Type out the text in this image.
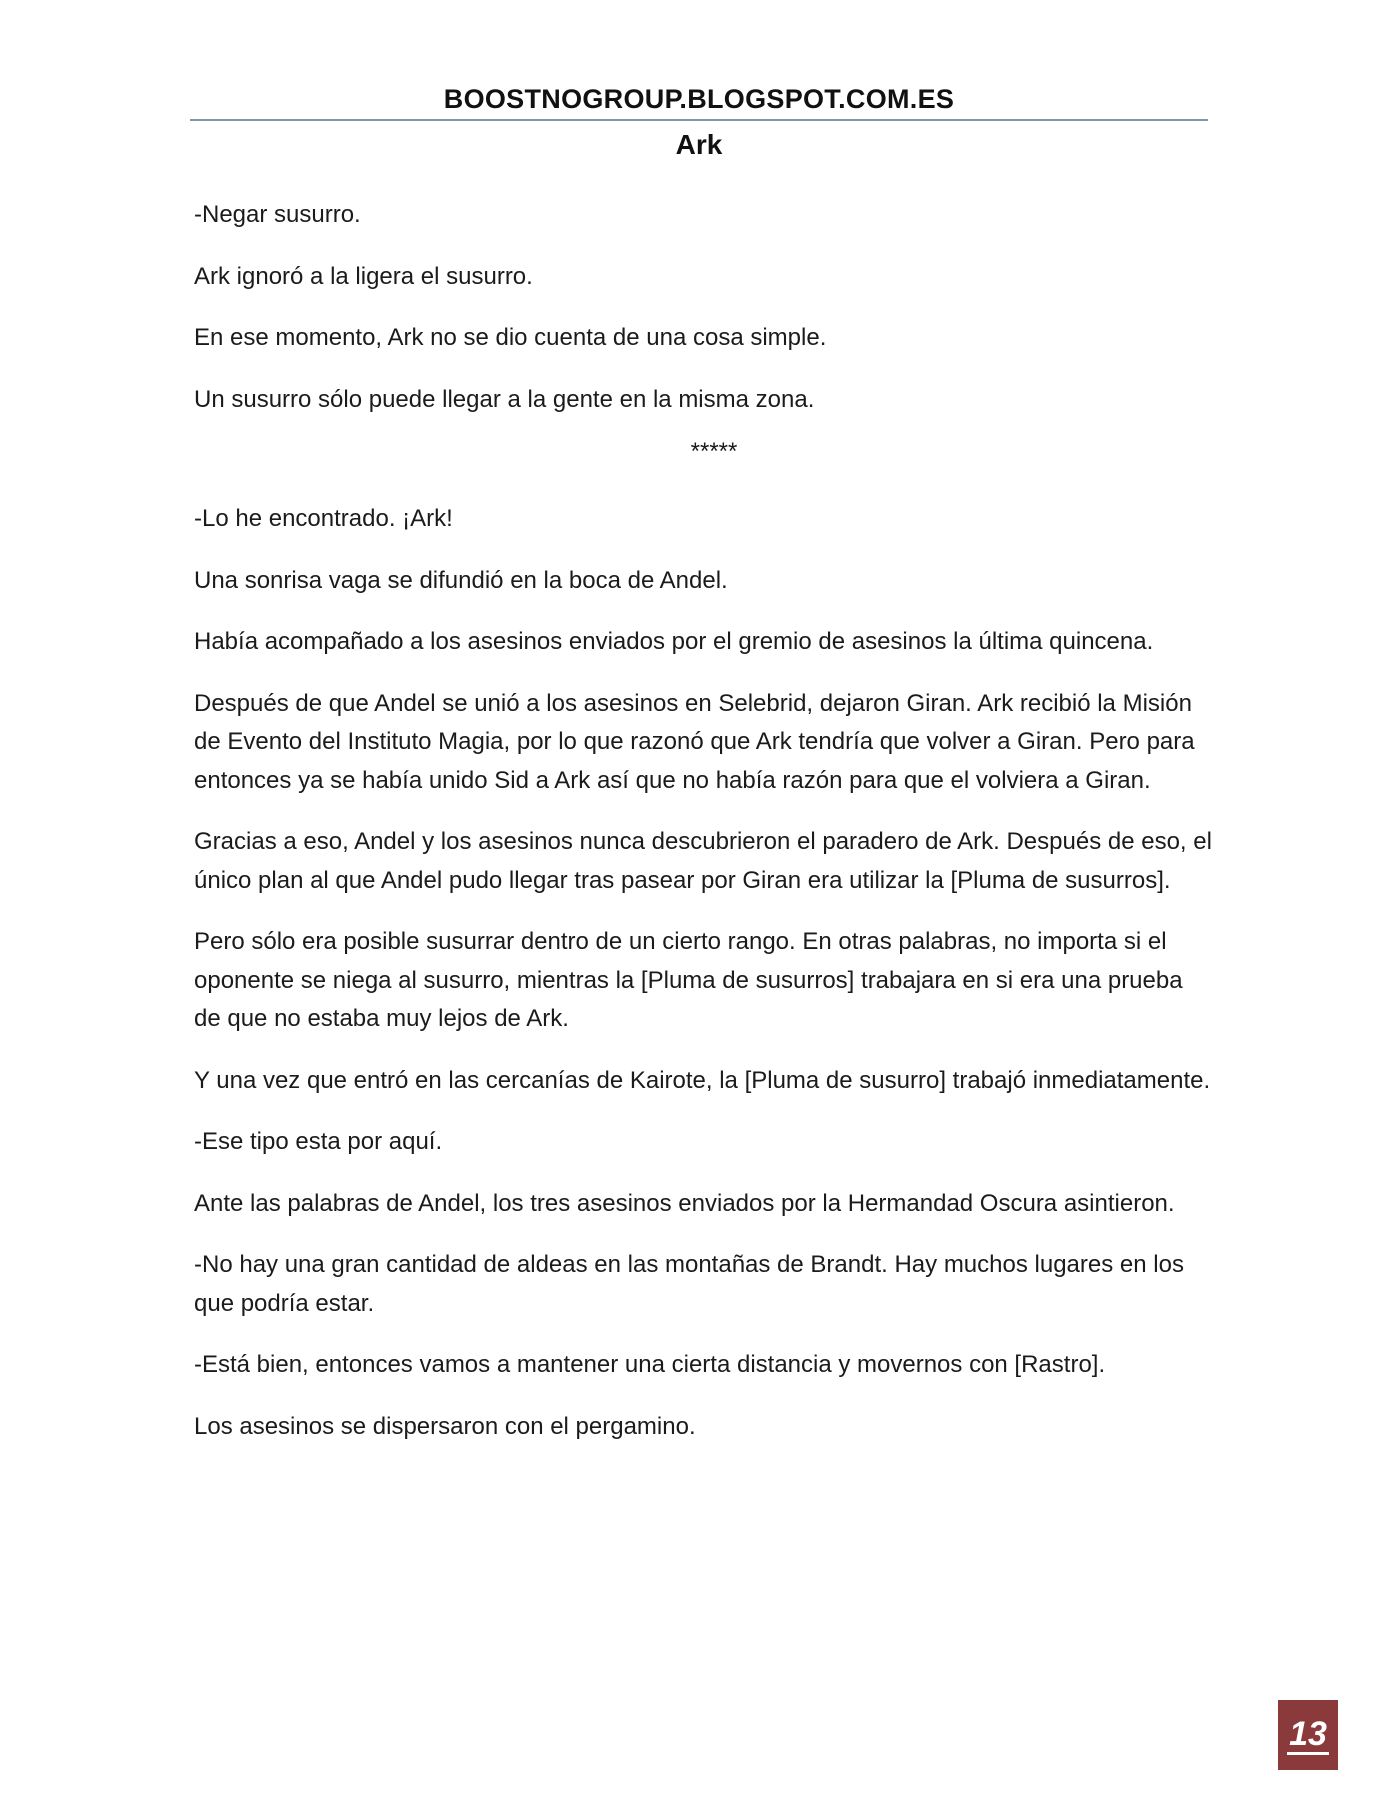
BOOSTNOGROUP.BLOGSPOT.COM.ES
Ark

-Negar susurro.

Ark ignoró a la ligera el susurro.

En ese momento, Ark no se dio cuenta de una cosa simple.

Un susurro sólo puede llegar a la gente en la misma zona.

*****

-Lo he encontrado. ¡Ark!

Una sonrisa vaga se difundió en la boca de Andel.

Había acompañado a los asesinos enviados por el gremio de asesinos la última quincena.

Después de que Andel se unió a los asesinos en Selebrid, dejaron Giran. Ark recibió la Misión de Evento del Instituto Magia, por lo que razonó que Ark tendría que volver a Giran. Pero para entonces ya se había unido Sid a Ark así que no había razón para que el volviera a Giran.

Gracias a eso, Andel y los asesinos nunca descubrieron el paradero de Ark. Después de eso, el único plan al que Andel pudo llegar tras pasear por Giran era utilizar la [Pluma de susurros].

Pero sólo era posible susurrar dentro de un cierto rango. En otras palabras, no importa si el oponente se niega al susurro, mientras la [Pluma de susurros] trabajara en si era una prueba de que no estaba muy lejos de Ark.

Y una vez que entró en las cercanías de Kairote, la [Pluma de susurro] trabajó inmediatamente.

-Ese tipo esta por aquí.

Ante las palabras de Andel, los tres asesinos enviados por la Hermandad Oscura asintieron.

-No hay una gran cantidad de aldeas en las montañas de Brandt. Hay muchos lugares en los que podría estar.

-Está bien, entonces vamos a mantener una cierta distancia y movernos con [Rastro].

Los asesinos se dispersaron con el pergamino.

13
